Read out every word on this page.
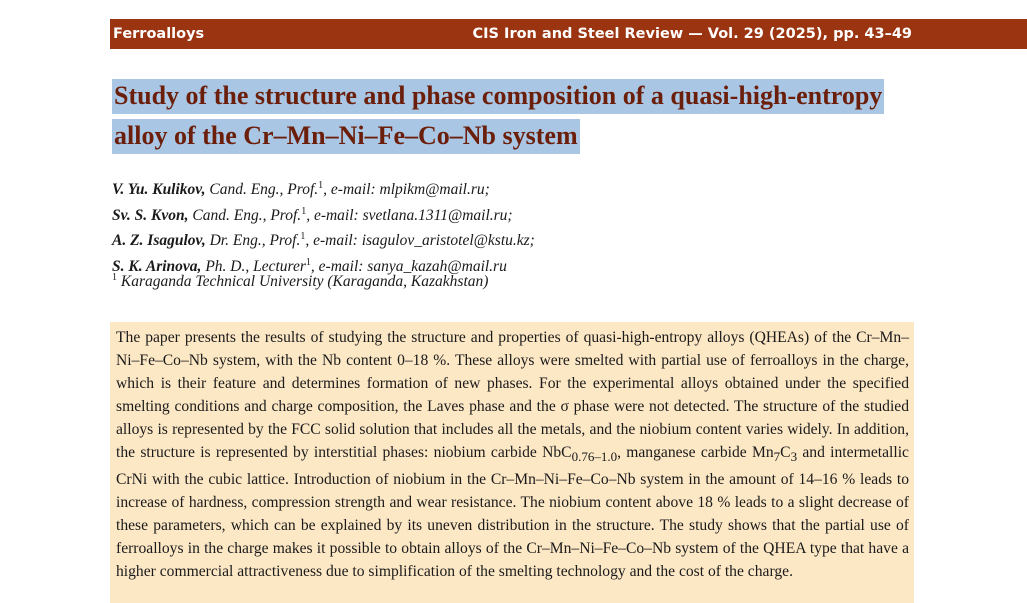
Ferroalloys	CIS Iron and Steel Review — Vol. 29 (2025), pp. 43–49
Study of the structure and phase composition of a quasi-high-entropy
alloy of the Cr–Mn–Ni–Fe–Co–Nb system
V. Yu. Kulikov, Cand. Eng., Prof.$^1$, e-mail: mlpikm@mail.ru;
Sv. S. Kvon, Cand. Eng., Prof.$^1$, e-mail: svetlana.1311@mail.ru;
A. Z. Isagulov, Dr. Eng., Prof.$^1$, e-mail: isagulov_aristotel@kstu.kz;
S. K. Arinova, Ph. D., Lecturer$^1$, e-mail: sanya_kazah@mail.ru
$^1$ Karaganda Technical University (Karaganda, Kazakhstan)

The paper presents the results of studying the structure and properties of quasi-high-entropy alloys (QHEAs) of the Cr–Mn–Ni–Fe–Co–Nb system, with the Nb content 0–18 %. These alloys were smelted with partial use of ferroalloys in the charge, which is their feature and determines formation of new phases. For the experimental alloys obtained under the specified smelting conditions and charge composition, the Laves phase and the σ phase were not detected. The structure of the studied alloys is represented by the FCC solid solution that includes all the metals, and the niobium content varies widely. In addition, the structure is represented by interstitial phases: niobium carbide NbC$_{0.76-1.0}$, manganese carbide $Mn_7C_3$ and intermetallic CrNi with the cubic lattice. Introduction of niobium in the Cr–Mn–Ni–Fe–Co–Nb system in the amount of 14–16 % leads to increase of hardness, compression strength and wear resistance. The niobium content above 18 % leads to a slight decrease of these parameters, which can be explained by its uneven distribution in the structure. The study shows that the partial use of ferroalloys in the charge makes it possible to obtain alloys of the Cr–Mn–Ni–Fe–Co–Nb system of the QHEA type that have a higher commercial attractiveness due to simplification of the smelting technology and the cost of the charge.
